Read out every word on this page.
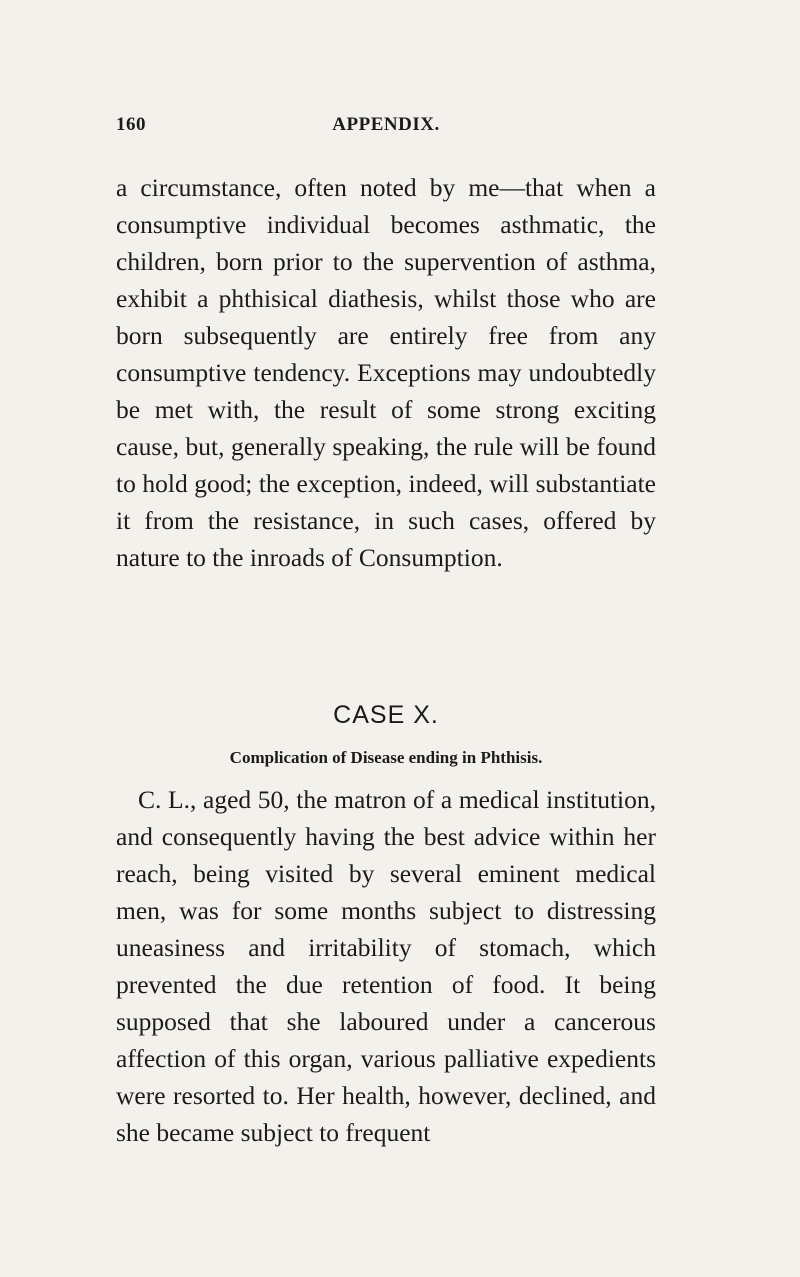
160	APPENDIX.

a circumstance, often noted by me—that when a consumptive individual becomes asthmatic, the children, born prior to the supervention of asthma, exhibit a phthisical diathesis, whilst those who are born subsequently are entirely free from any consumptive tendency. Exceptions may undoubtedly be met with, the result of some strong exciting cause, but, generally speaking, the rule will be found to hold good; the exception, indeed, will substantiate it from the resistance, in such cases, offered by nature to the inroads of Consumption.

CASE X.
Complication of Disease ending in Phthisis.

C. L., aged 50, the matron of a medical institution, and consequently having the best advice within her reach, being visited by several eminent medical men, was for some months subject to distressing uneasiness and irritability of stomach, which prevented the due retention of food. It being supposed that she laboured under a cancerous affection of this organ, various palliative expedients were resorted to. Her health, however, declined, and she became subject to frequent
